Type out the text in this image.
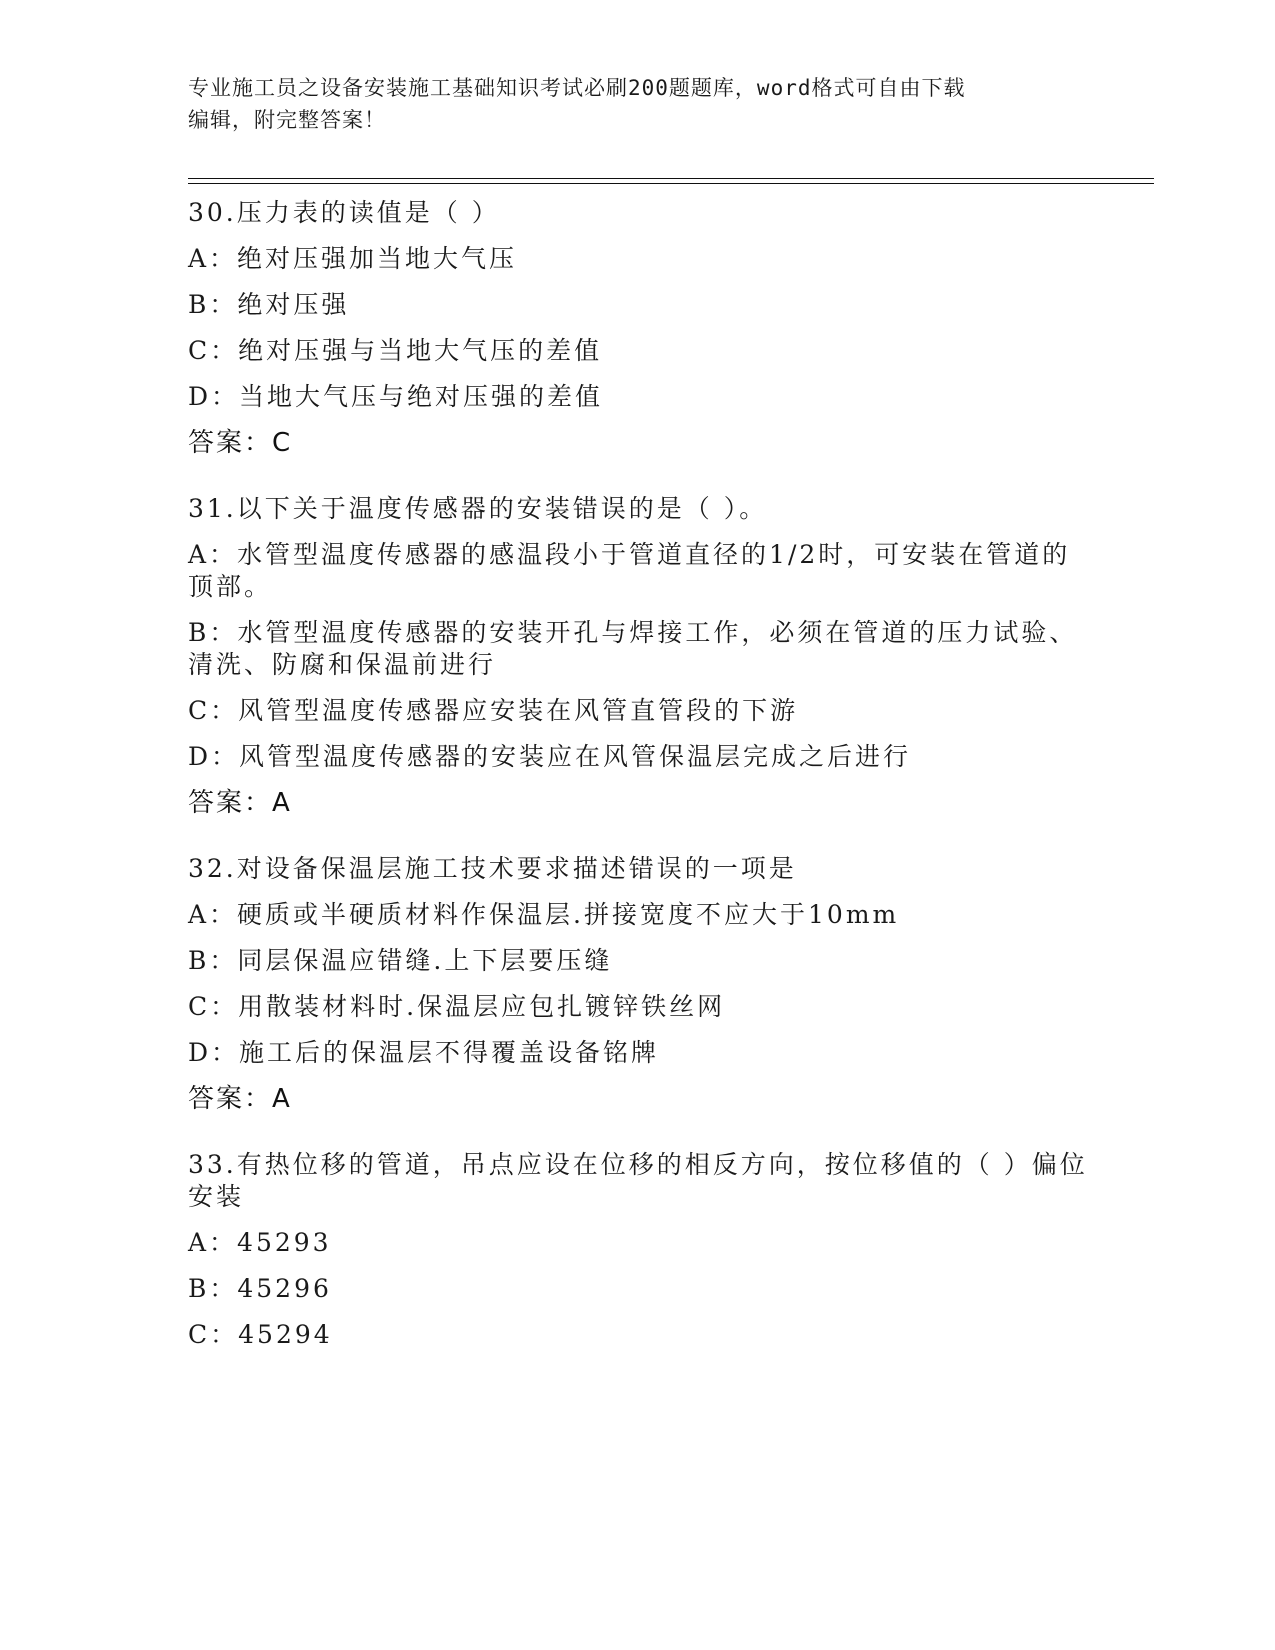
专业施工员之设备安装施工基础知识考试必刷200题题库，word格式可自由下载
编辑，附完整答案！
30.压力表的读值是（ ）
A：绝对压强加当地大气压
B：绝对压强
C：绝对压强与当地大气压的差值
D：当地大气压与绝对压强的差值
答案：C
31.以下关于温度传感器的安装错误的是（ ）。
A：水管型温度传感器的感温段小于管道直径的1/2时，可安装在管道的顶部。
B：水管型温度传感器的安装开孔与焊接工作，必须在管道的压力试验、清洗、防腐和保温前进行
C：风管型温度传感器应安装在风管直管段的下游
D：风管型温度传感器的安装应在风管保温层完成之后进行
答案：A
32.对设备保温层施工技术要求描述错误的一项是
A：硬质或半硬质材料作保温层.拼接宽度不应大于10mm
B：同层保温应错缝.上下层要压缝
C：用散装材料时.保温层应包扎镀锌铁丝网
D：施工后的保温层不得覆盖设备铭牌
答案：A
33.有热位移的管道，吊点应设在位移的相反方向，按位移值的（ ）偏位安装
A：45293
B：45296
C：45294
